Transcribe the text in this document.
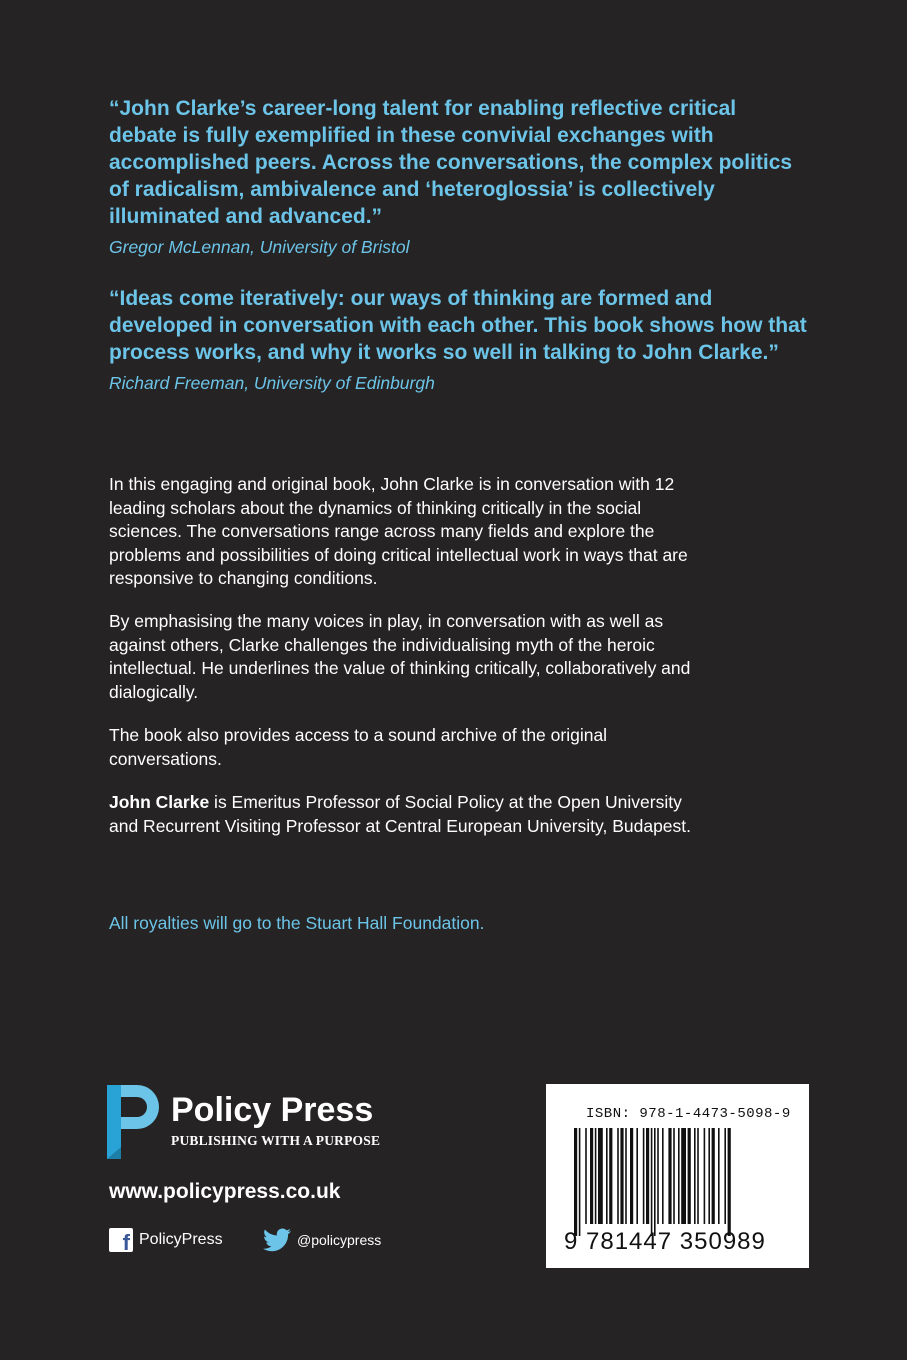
“John Clarke’s career-long talent for enabling reflective critical debate is fully exemplified in these convivial exchanges with accomplished peers. Across the conversations, the complex politics of radicalism, ambivalence and ‘heteroglossia’ is collectively illuminated and advanced.”
Gregor McLennan, University of Bristol
“Ideas come iteratively: our ways of thinking are formed and developed in conversation with each other. This book shows how that process works, and why it works so well in talking to John Clarke.”
Richard Freeman, University of Edinburgh
In this engaging and original book, John Clarke is in conversation with 12 leading scholars about the dynamics of thinking critically in the social sciences. The conversations range across many fields and explore the problems and possibilities of doing critical intellectual work in ways that are responsive to changing conditions.
By emphasising the many voices in play, in conversation with as well as against others, Clarke challenges the individualising myth of the heroic intellectual. He underlines the value of thinking critically, collaboratively and dialogically.
The book also provides access to a sound archive of the original conversations.
John Clarke is Emeritus Professor of Social Policy at the Open University and Recurrent Visiting Professor at Central European University, Budapest.
All royalties will go to the Stuart Hall Foundation.
Policy Press
PUBLISHING WITH A PURPOSE
www.policypress.co.uk
f PolicyPress	@policypress
ISBN: 978-1-4473-5098-9
9 781447 350989
